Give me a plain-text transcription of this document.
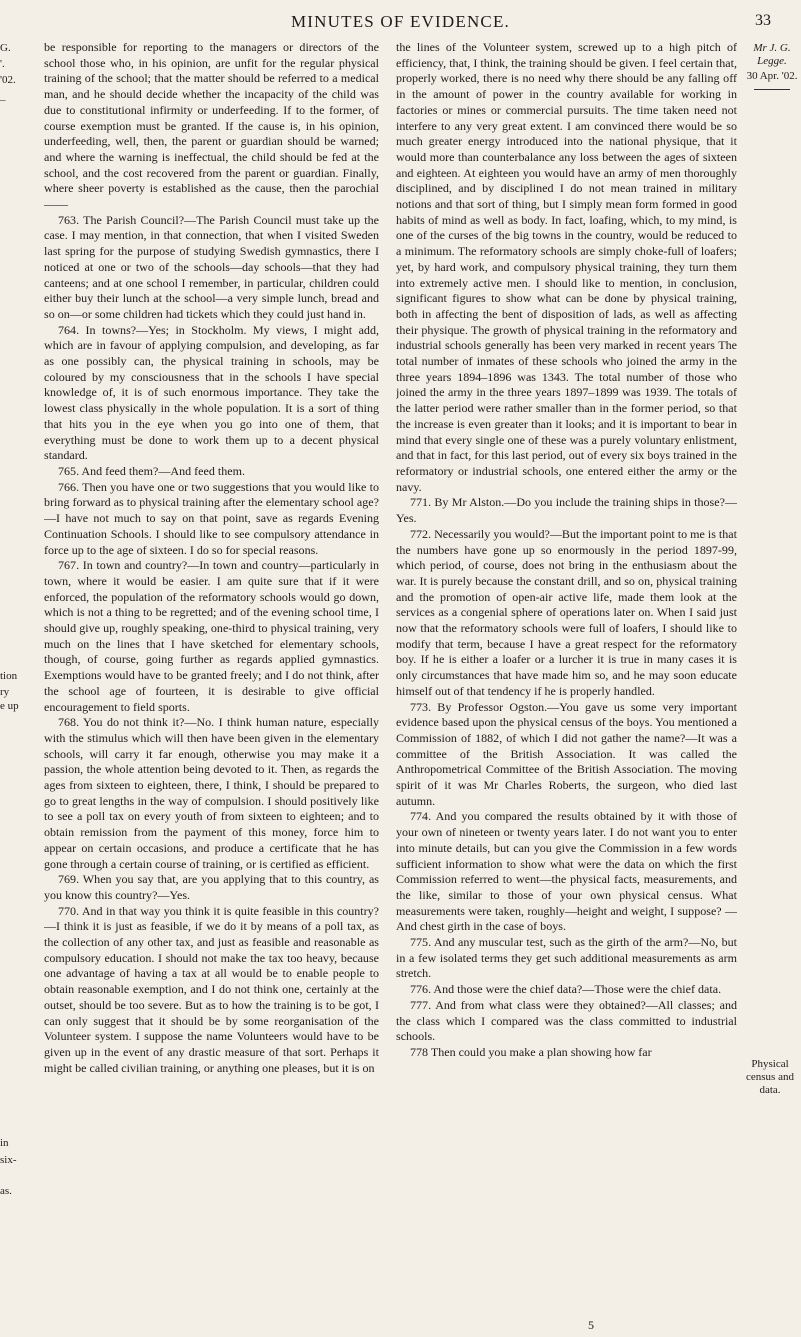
MINUTES OF EVIDENCE.	33
G.
'.
'02.
_
tion
ry
e up
in
six-
as.

be responsible for reporting to the managers or directors of the school those who, in his opinion, are unfit for the regular physical training of the school; that the matter should be referred to a medical man, and he should decide whether the incapacity of the child was due to constitutional infirmity or underfeeding. If to the former, of course exemption must be granted. If the cause is, in his opinion, underfeeding, well, then, the parent or guardian should be warned; and where the warning is ineffectual, the child should be fed at the school, and the cost recovered from the parent or guardian. Finally, where sheer poverty is established as the cause, then the parochial——

763. The Parish Council?—The Parish Council must take up the case. I may mention, in that connection, that when I visited Sweden last spring for the purpose of studying Swedish gymnastics, there I noticed at one or two of the schools—day schools—that they had canteens; and at one school I remember, in particular, children could either buy their lunch at the school—a very simple lunch, bread and so on—or some children had tickets which they could just hand in.

764. In towns?—Yes; in Stockholm. My views, I might add, which are in favour of applying compulsion, and developing, as far as one possibly can, the physical training in schools, may be coloured by my consciousness that in the schools I have special knowledge of, it is of such enormous importance. They take the lowest class physically in the whole population. It is a sort of thing that hits you in the eye when you go into one of them, that everything must be done to work them up to a decent physical standard.

765. And feed them?—And feed them.

766. Then you have one or two suggestions that you would like to bring forward as to physical training after the elementary school age?—I have not much to say on that point, save as regards Evening Continuation Schools. I should like to see compulsory attendance in force up to the age of sixteen. I do so for special reasons.

767. In town and country?—In town and country—particularly in town, where it would be easier. I am quite sure that if it were enforced, the population of the reformatory schools would go down, which is not a thing to be regretted; and of the evening school time, I should give up, roughly speaking, one-third to physical training, very much on the lines that I have sketched for elementary schools, though, of course, going further as regards applied gymnastics. Exemptions would have to be granted freely; and I do not think, after the school age of fourteen, it is desirable to give official encouragement to field sports.

768. You do not think it?—No. I think human nature, especially with the stimulus which will then have been given in the elementary schools, will carry it far enough, otherwise you may make it a passion, the whole attention being devoted to it. Then, as regards the ages from sixteen to eighteen, there, I think, I should be prepared to go to great lengths in the way of compulsion. I should positively like to see a poll tax on every youth of from sixteen to eighteen; and to obtain remission from the payment of this money, force him to appear on certain occasions, and produce a certificate that he has gone through a certain course of training, or is certified as efficient.

769. When you say that, are you applying that to this country, as you know this country?—Yes.

770. And in that way you think it is quite feasible in this country?—I think it is just as feasible, if we do it by means of a poll tax, as the collection of any other tax, and just as feasible and reasonable as compulsory education. I should not make the tax too heavy, because one advantage of having a tax at all would be to enable people to obtain reasonable exemption, and I do not think one, certainly at the outset, should be too severe. But as to how the training is to be got, I can only suggest that it should be by some reorganisation of the Volunteer system. I suppose the name Volunteers would have to be given up in the event of any drastic measure of that sort. Perhaps it might be called civilian training, or anything one pleases, but it is on

the lines of the Volunteer system, screwed up to a high pitch of efficiency, that, I think, the training should be given. I feel certain that, properly worked, there is no need why there should be any falling off in the amount of power in the country available for working in factories or mines or commercial pursuits. The time taken need not interfere to any very great extent. I am convinced there would be so much greater energy introduced into the national physique, that it would more than counterbalance any loss between the ages of sixteen and eighteen. At eighteen you would have an army of men thoroughly disciplined, and by disciplined I do not mean trained in military notions and that sort of thing, but I simply mean form formed in good habits of mind as well as body. In fact, loafing, which, to my mind, is one of the curses of the big towns in the country, would be reduced to a minimum. The reformatory schools are simply choke-full of loafers; yet, by hard work, and compulsory physical training, they turn them into extremely active men. I should like to mention, in conclusion, significant figures to show what can be done by physical training, both in affecting the bent of disposition of lads, as well as affecting their physique. The growth of physical training in the reformatory and industrial schools generally has been very marked in recent years The total number of inmates of these schools who joined the army in the three years 1894–1896 was 1343. The total number of those who joined the army in the three years 1897–1899 was 1939. The totals of the latter period were rather smaller than in the former period, so that the increase is even greater than it looks; and it is important to bear in mind that every single one of these was a purely voluntary enlistment, and that in fact, for this last period, out of every six boys trained in the reformatory or industrial schools, one entered either the army or the navy.

771. By Mr Alston.—Do you include the training ships in those?—Yes.

772. Necessarily you would?—But the important point to me is that the numbers have gone up so enormously in the period 1897-99, which period, of course, does not bring in the enthusiasm about the war. It is purely because the constant drill, and so on, physical training and the promotion of open-air active life, made them look at the services as a congenial sphere of operations later on. When I said just now that the reformatory schools were full of loafers, I should like to modify that term, because I have a great respect for the reformatory boy. If he is either a loafer or a lurcher it is true in many cases it is only circumstances that have made him so, and he may soon educate himself out of that tendency if he is properly handled.

773. By Professor Ogston.—You gave us some very important evidence based upon the physical census of the boys. You mentioned a Commission of 1882, of which I did not gather the name?—It was a committee of the British Association. It was called the Anthropometrical Committee of the British Association. The moving spirit of it was Mr Charles Roberts, the surgeon, who died last autumn.

774. And you compared the results obtained by it with those of your own of nineteen or twenty years later. I do not want you to enter into minute details, but can you give the Commission in a few words sufficient information to show what were the data on which the first Commission referred to went—the physical facts, measurements, and the like, similar to those of your own physical census. What measurements were taken, roughly—height and weight, I suppose? —And chest girth in the case of boys.

775. And any muscular test, such as the girth of the arm?—No, but in a few isolated terms they get such additional measurements as arm stretch.

776. And those were the chief data?—Those were the chief data.

777. And from what class were they obtained?—All classes; and the class which I compared was the class committed to industrial schools.

778 Then could you make a plan showing how far

Mr J. G.
Legge.
30 Apr. '02.
Physical census and data.
5
